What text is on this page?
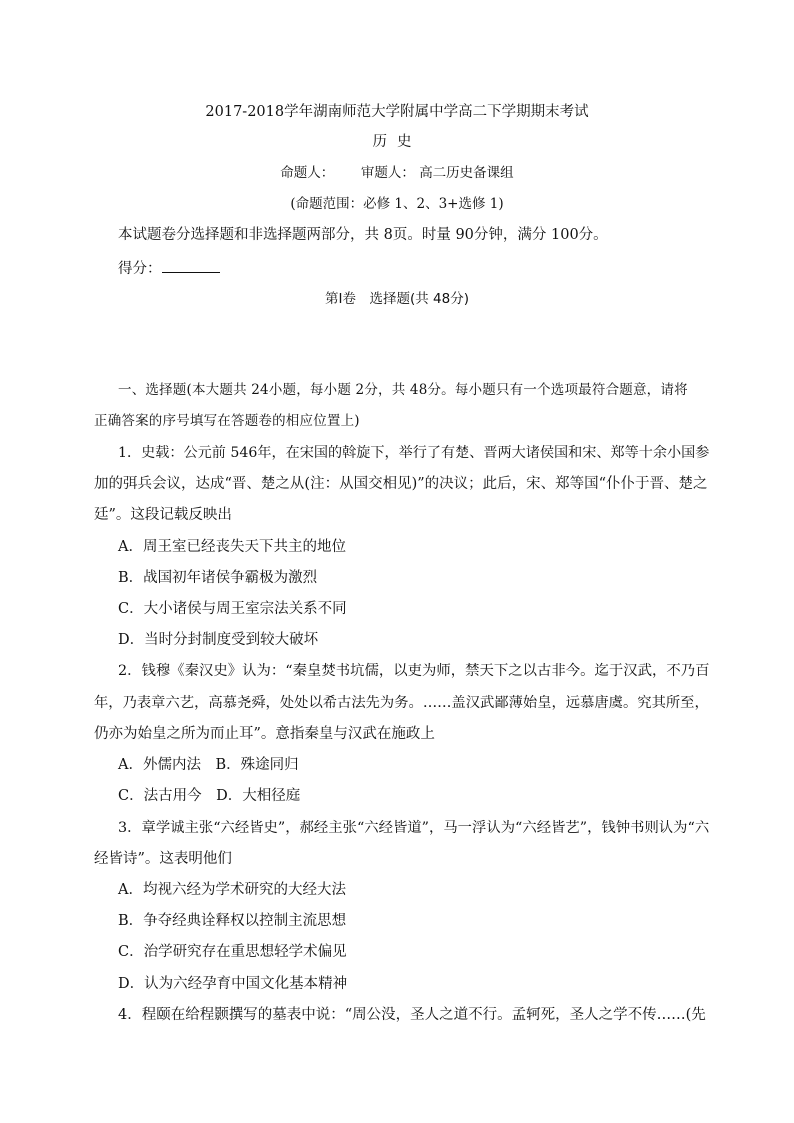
2017-2018学年湖南师范大学附属中学高二下学期期末考试
历史
命题人： 审题人： 高二历史备课组
(命题范围：必修 1、2、3+选修 1)
本试题卷分选择题和非选择题两部分，共 8页。时量 90分钟，满分 100分。
得分：
第Ⅰ卷　选择题(共 48分)
一、选择题(本大题共 24小题，每小题 2分，共 48分。每小题只有一个选项最符合题意，请将
正确答案的序号填写在答题卷的相应位置上)
1．史载：公元前 546年，在宋国的斡旋下，举行了有楚、晋两大诸侯国和宋、郑等十余小国参
加的弭兵会议，达成“晋、楚之从(注：从国交相见)”的决议；此后，宋、郑等国“仆仆于晋、楚之
廷”。这段记载反映出
A．周王室已经丧失天下共主的地位
B．战国初年诸侯争霸极为激烈
C．大小诸侯与周王室宗法关系不同
D．当时分封制度受到较大破坏
2．钱穆《秦汉史》认为：“秦皇焚书坑儒，以吏为师，禁天下之以古非今。迄于汉武，不乃百
年，乃表章六艺，高慕尧舜，处处以希古法先为务。……盖汉武鄙薄始皇，远慕唐虞。究其所至，
仍亦为始皇之所为而止耳”。意指秦皇与汉武在施政上
A．外儒内法　B．殊途同归
C．法古用今　D．大相径庭
3．章学诚主张“六经皆史”，郝经主张“六经皆道”，马一浮认为“六经皆艺”，钱钟书则认为“六
经皆诗”。这表明他们
A．均视六经为学术研究的大经大法
B．争夺经典诠释权以控制主流思想
C．治学研究存在重思想轻学术偏见
D．认为六经孕育中国文化基本精神
4．程颐在给程颢撰写的墓表中说：“周公没，圣人之道不行。孟轲死，圣人之学不传……(先
